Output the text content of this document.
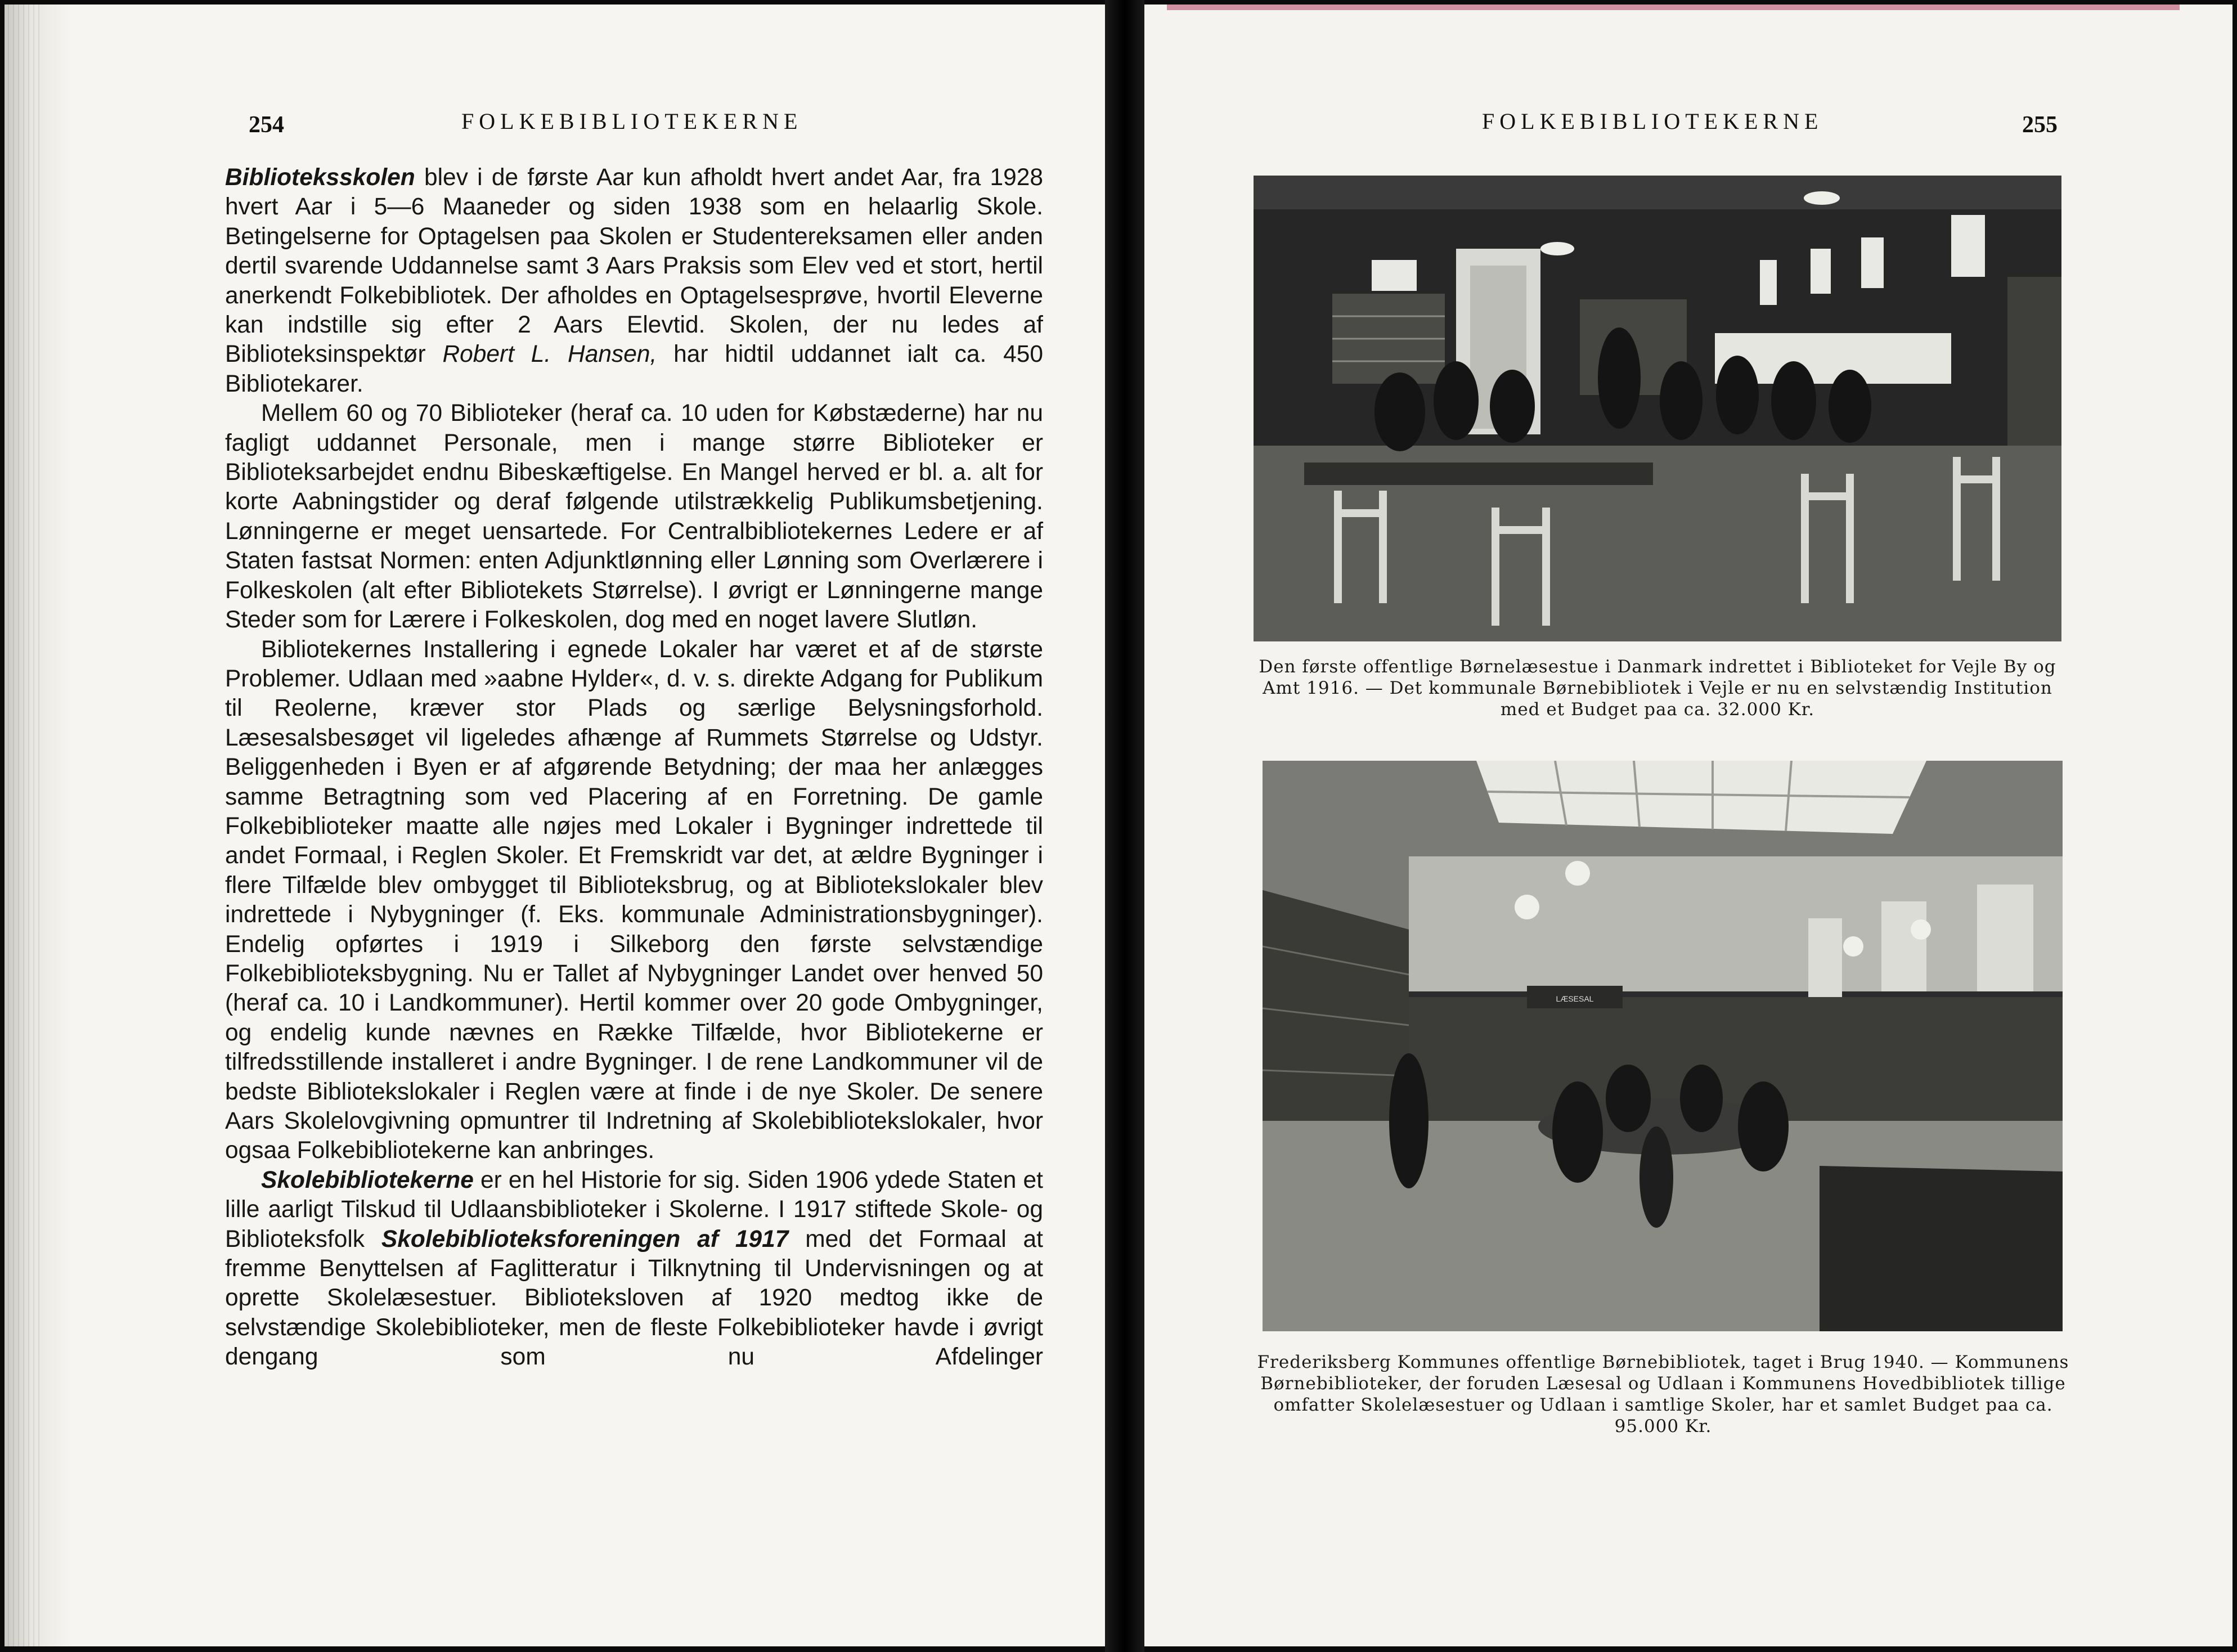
254	FOLKEBIBLIOTEKERNE

Biblioteksskolen blev i de første Aar kun afholdt hvert andet Aar, fra 1928 hvert Aar i 5—6 Maaneder og siden 1938 som en helaarlig Skole. Betingelserne for Optagelsen paa Skolen er Studentereksamen eller anden dertil svarende Uddannelse samt 3 Aars Praksis som Elev ved et stort, hertil anerkendt Folkebibliotek. Der afholdes en Optagelsesprøve, hvortil Eleverne kan indstille sig efter 2 Aars Elevtid. Skolen, der nu ledes af Biblioteksinspektør Robert L. Hansen, har hidtil uddannet ialt ca. 450 Bibliotekarer.

Mellem 60 og 70 Biblioteker (heraf ca. 10 uden for Købstæderne) har nu fagligt uddannet Personale, men i mange større Biblioteker er Biblioteksarbejdet endnu Bibeskæftigelse. En Mangel herved er bl. a. alt for korte Aabningstider og deraf følgende utilstrækkelig Publikumsbetjening. Lønningerne er meget uensartede. For Centralbibliotekernes Ledere er af Staten fastsat Normen: enten Adjunktlønning eller Lønning som Overlærere i Folkeskolen (alt efter Bibliotekets Størrelse). I øvrigt er Lønningerne mange Steder som for Lærere i Folkeskolen, dog med en noget lavere Slutløn.

Bibliotekernes Installering i egnede Lokaler har været et af de største Problemer. Udlaan med »aabne Hylder«, d. v. s. direkte Adgang for Publikum til Reolerne, kræver stor Plads og særlige Belysningsforhold. Læsesalsbesøget vil ligeledes afhænge af Rummets Størrelse og Udstyr. Beliggenheden i Byen er af afgørende Betydning; der maa her anlægges samme Betragtning som ved Placering af en Forretning. De gamle Folkebiblioteker maatte alle nøjes med Lokaler i Bygninger indrettede til andet Formaal, i Reglen Skoler. Et Fremskridt var det, at ældre Bygninger i flere Tilfælde blev ombygget til Biblioteksbrug, og at Bibliotekslokaler blev indrettede i Nybygninger (f. Eks. kommunale Administrationsbygninger). Endelig opførtes i 1919 i Silkeborg den første selvstændige Folkebiblioteksbygning. Nu er Tallet af Nybygninger Landet over henved 50 (heraf ca. 10 i Landkommuner). Hertil kommer over 20 gode Ombygninger, og endelig kunde nævnes en Række Tilfælde, hvor Bibliotekerne er tilfredsstillende installeret i andre Bygninger. I de rene Landkommuner vil de bedste Bibliotekslokaler i Reglen være at finde i de nye Skoler. De senere Aars Skolelovgivning opmuntrer til Indretning af Skolebibliotekslokaler, hvor ogsaa Folkebibliotekerne kan anbringes.

Skolebibliotekerne er en hel Historie for sig. Siden 1906 ydede Staten et lille aarligt Tilskud til Udlaansbiblioteker i Skolerne. I 1917 stiftede Skole- og Biblioteksfolk Skolebiblioteksforeningen af 1917 med det Formaal at fremme Benyttelsen af Faglitteratur i Tilknytning til Undervisningen og at oprette Skolelæsestuer. Biblioteksloven af 1920 medtog ikke de selvstændige Skolebiblioteker, men de fleste Folkebiblioteker havde i øvrigt dengang som nu Afdelinger

FOLKEBIBLIOTEKERNE	255
Den første offentlige Børnelæsestue i Danmark indrettet i Biblioteket for Vejle By og Amt 1916. — Det kommunale Børnebibliotek i Vejle er nu en selvstændig Institution med et Budget paa ca. 32.000 Kr.
LÆSESAL
Frederiksberg Kommunes offentlige Børnebibliotek, taget i Brug 1940. — Kommunens Børnebiblioteker, der foruden Læsesal og Udlaan i Kommunens Hovedbibliotek tillige omfatter Skolelæsestuer og Udlaan i samtlige Skoler, har et samlet Budget paa ca. 95.000 Kr.
